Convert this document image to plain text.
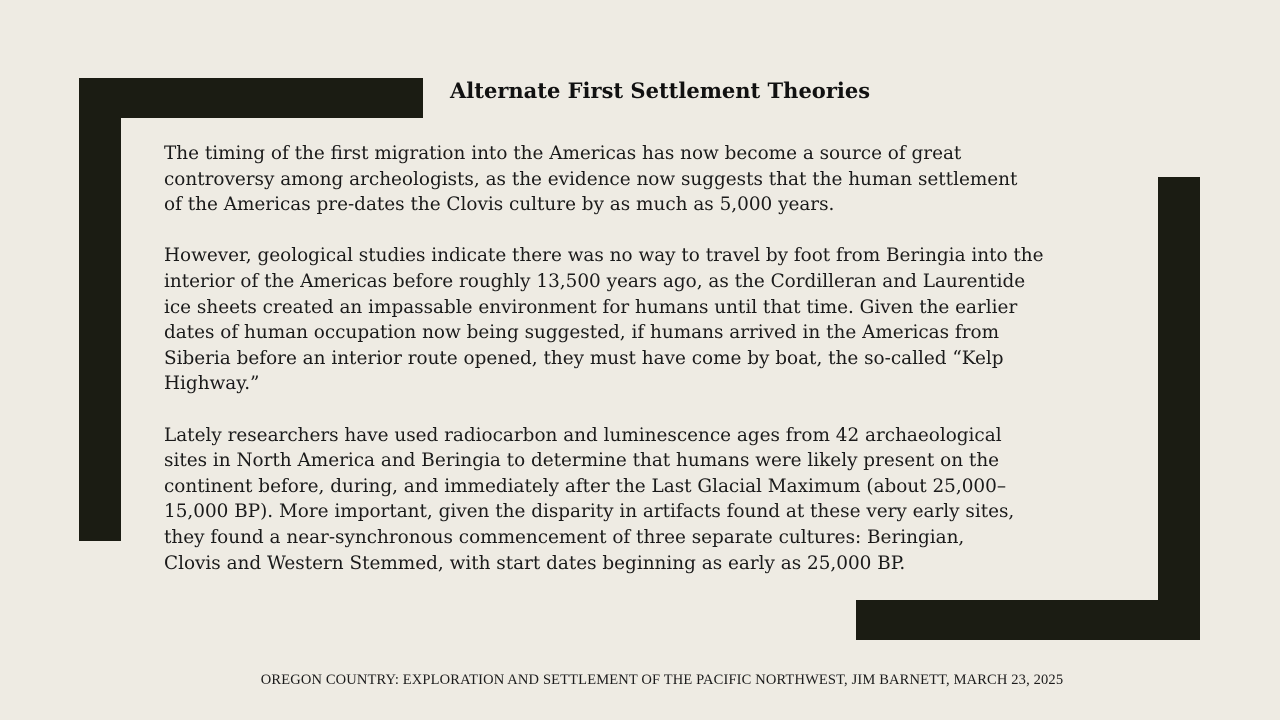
Alternate First Settlement Theories

The timing of the first migration into the Americas has now become a source of great
controversy among archeologists, as the evidence now suggests that the human settlement
of the Americas pre-dates the Clovis culture by as much as 5,000 years.

However, geological studies indicate there was no way to travel by foot from Beringia into the
interior of the Americas before roughly 13,500 years ago, as the Cordilleran and Laurentide
ice sheets created an impassable environment for humans until that time. Given the earlier
dates of human occupation now being suggested, if humans arrived in the Americas from
Siberia before an interior route opened, they must have come by boat, the so-called “Kelp
Highway.”

Lately researchers have used radiocarbon and luminescence ages from 42 archaeological
sites in North America and Beringia to determine that humans were likely present on the
continent before, during, and immediately after the Last Glacial Maximum (about 25,000–
15,000 BP). More important, given the disparity in artifacts found at these very early sites,
they found a near-synchronous commencement of three separate cultures: Beringian,
Clovis and Western Stemmed, with start dates beginning as early as 25,000 BP.

OREGON COUNTRY: EXPLORATION AND SETTLEMENT OF THE PACIFIC NORTHWEST, JIM BARNETT, MARCH 23, 2025
